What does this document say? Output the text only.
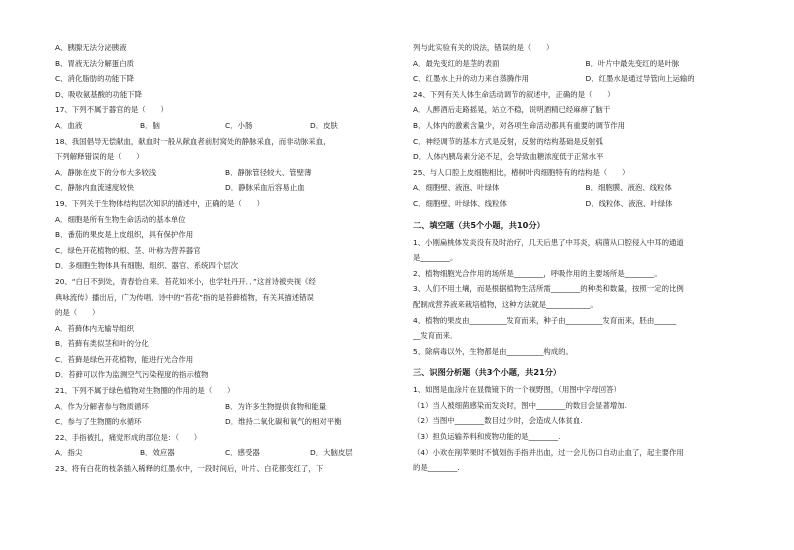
A、胰腺无法分泌胰液
B、胃液无法分解蛋白质
C、消化脂肪的功能下降
D、吸收氨基酸的功能下降
17、下列不属于器官的是（　　）
A．血液	B．脑	C．小肠	D．皮肤
18、我国倡导无偿献血，献血时一般从献血者前肘窝处的静脉采血，而非动脉采血，
下列解释错误的是（　　）
A．静脉在皮下的分布大多较浅	B．静脉管径较大、管壁薄
C．静脉内血流速度较快	D．静脉采血后容易止血
19、下列关于生物体结构层次知识的描述中，正确的是（　　）
A．细胞是所有生物生命活动的基本单位
B．番茄的果皮是上皮组织，具有保护作用
C．绿色开花植物的根、茎、叶称为营养器官
D．多细胞生物体具有细胞、组织、器官、系统四个层次
20、“白日不到处，青春恰自来．苔花如米小，也学牡丹开．．”这首诗被央视《经
典咏流传》播出后，广为传唱．诗中的“苔花”指的是苔藓植物，有关其描述错误
的是（　　）
A．苔藓体内无输导组织
B．苔藓有类似茎和叶的分化
C．苔藓是绿色开花植物，能进行光合作用
D．苔藓可以作为监测空气污染程度的指示植物
21、下列不属于绿色植物对生物圈的作用的是（　　）
A．作为分解者参与物质循环	B．为许多生物提供食物和能量
C．参与了生物圈的水循环	D．维持二氧化碳和氧气的相对平衡
22、手指被扎，痛觉形成的部位是：（　　）
A．指尖	B．效应器	C．感受器	D．大脑皮层
23、将有白花的枝条插入稀释的红墨水中，一段时间后，叶片、白花都变红了，下
列与此实验有关的说法，错误的是（　　）
A．最先变红的是茎的表面	B．叶片中最先变红的是叶脉
C．红墨水上升的动力来自蒸腾作用	D．红墨水是通过导管向上运输的
24、下列有关人体生命活动调节的叙述中，正确的是（　　）
A．人醉酒后走路摇晃，站立不稳，说明酒精已经麻痹了脑干
B．人体内的激素含量少，对各项生命活动都具有重要的调节作用
C．神经调节的基本方式是反射，反射的结构基础是反射弧
D．人体内胰岛素分泌不足，会导致血糖浓度低于正常水平
25、与人口腔上皮细胞相比，椿树叶肉细胞特有的结构是（　　）
A．细胞壁、液泡、叶绿体	B．细胞膜、液泡、线粒体
C．细胞壁、叶绿体、线粒体	D．线粒体、液泡、叶绿体
二、填空题（共5个小题，共10分）
1、小刚扁桃体发炎没有及时治疗，几天后患了中耳炎，病菌从口腔侵入中耳的通道
是________。
2、植物细胞光合作用的场所是________，呼吸作用的主要场所是________。
3、人们不用土壤，而是根据植物生活所需________的种类和数量，按照一定的比例
配制成营养液来栽培植物，这种方法就是____________。
4、植物的果皮由__________发育而来，种子由__________发育而来，胚由______
__发育而来．
5、除病毒以外，生物都是由__________构成的。
三、识图分析题（共3个小题，共21分）
1、如图是血涂片在显微镜下的一个视野图，（用图中字母回答）
（1）当人被细菌感染而发炎时，图中________的数目会显著增加.
（2）当图中________数目过少时，会造成人体贫血.
（3）担负运输养料和废物功能的是________.
（4）小欢在削苹果时不慎划伤手指并出血，过一会儿伤口自动止血了，起主要作用
的是________.
